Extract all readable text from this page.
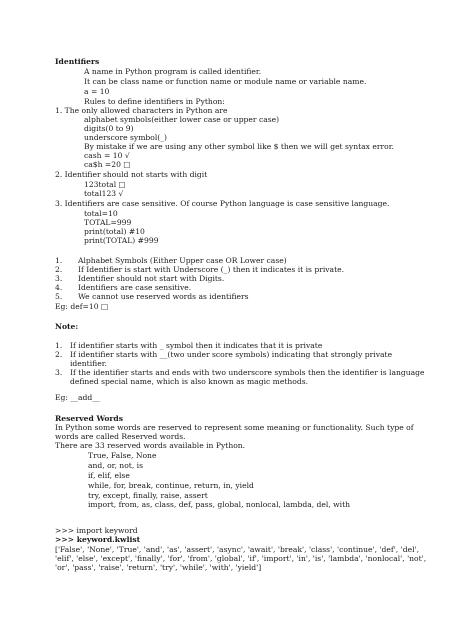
Identifiers
A name in Python program is called identifier.
It can be class name or function name or module name or variable name.
a = 10
Rules to define identifiers in Python:
1. The only allowed characters in Python are
alphabet symbols(either lower case or upper case)
digits(0 to 9)
underscore symbol(_)
By mistake if we are using any other symbol like $ then we will get syntax error.
cash = 10 √
ca$h =20 □
2. Identifier should not starts with digit
123total □
total123 √
3. Identifiers are case sensitive. Of course Python language is case sensitive language.
total=10
TOTAL=999
print(total) #10
print(TOTAL) #999
1. Alphabet Symbols (Either Upper case OR Lower case)
2. If Identifier is start with Underscore (_) then it indicates it is private.
3. Identifier should not start with Digits.
4. Identifiers are case sensitive.
5. We cannot use reserved words as identifiers
Eg: def=10 □
Note:
1. If identifier starts with _ symbol then it indicates that it is private
2. If identifier starts with __(two under score symbols) indicating that strongly private identifier.
3. If the identifier starts and ends with two underscore symbols then the identifier is language defined special name, which is also known as magic methods.
Eg: __add__
Reserved Words
In Python some words are reserved to represent some meaning or functionality. Such type of words are called Reserved words.
There are 33 reserved words available in Python.
True, False, None
and, or, not, is
if, elif, else
while, for, break, continue, return, in, yield
try, except, finally, raise, assert
import, from, as, class, def, pass, global, nonlocal, lambda, del, with
>>> import keyword
>>> keyword.kwlist
['False', 'None', 'True', 'and', 'as', 'assert', 'async', 'await', 'break', 'class', 'continue', 'def', 'del', 'elif', 'else', 'except', 'finally', 'for', 'from', 'global', 'if', 'import', 'in', 'is', 'lambda', 'nonlocal', 'not', 'or', 'pass', 'raise', 'return', 'try', 'while', 'with', 'yield']
